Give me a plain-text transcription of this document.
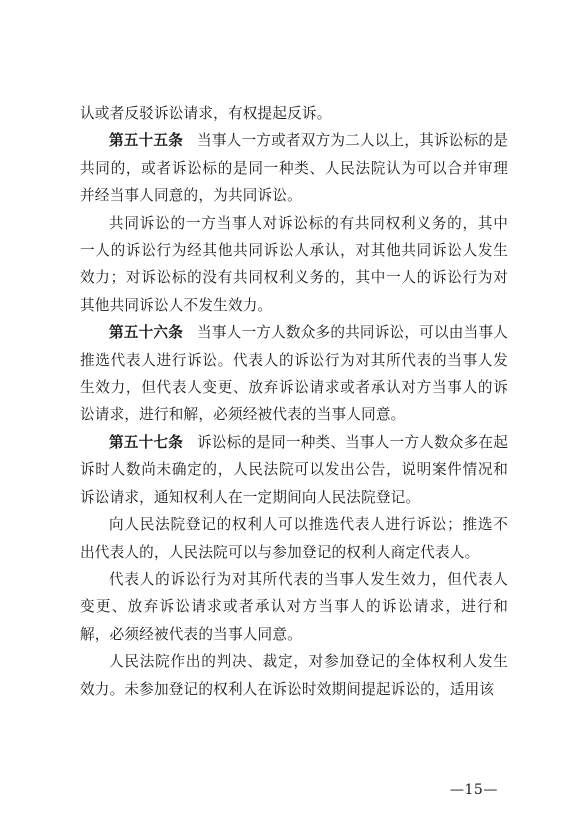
认或者反驳诉讼请求，有权提起反诉。

第五十五条 当事人一方或者双方为二人以上，其诉讼标的是共同的，或者诉讼标的是同一种类、人民法院认为可以合并审理并经当事人同意的，为共同诉讼。

共同诉讼的一方当事人对诉讼标的有共同权利义务的，其中一人的诉讼行为经其他共同诉讼人承认，对其他共同诉讼人发生效力；对诉讼标的没有共同权利义务的，其中一人的诉讼行为对其他共同诉讼人不发生效力。

第五十六条 当事人一方人数众多的共同诉讼，可以由当事人推选代表人进行诉讼。代表人的诉讼行为对其所代表的当事人发生效力，但代表人变更、放弃诉讼请求或者承认对方当事人的诉讼请求，进行和解，必须经被代表的当事人同意。

第五十七条 诉讼标的是同一种类、当事人一方人数众多在起诉时人数尚未确定的，人民法院可以发出公告，说明案件情况和诉讼请求，通知权利人在一定期间向人民法院登记。

向人民法院登记的权利人可以推选代表人进行诉讼；推选不出代表人的，人民法院可以与参加登记的权利人商定代表人。

代表人的诉讼行为对其所代表的当事人发生效力，但代表人变更、放弃诉讼请求或者承认对方当事人的诉讼请求，进行和解，必须经被代表的当事人同意。

人民法院作出的判决、裁定，对参加登记的全体权利人发生效力。未参加登记的权利人在诉讼时效期间提起诉讼的，适用该

—15—
